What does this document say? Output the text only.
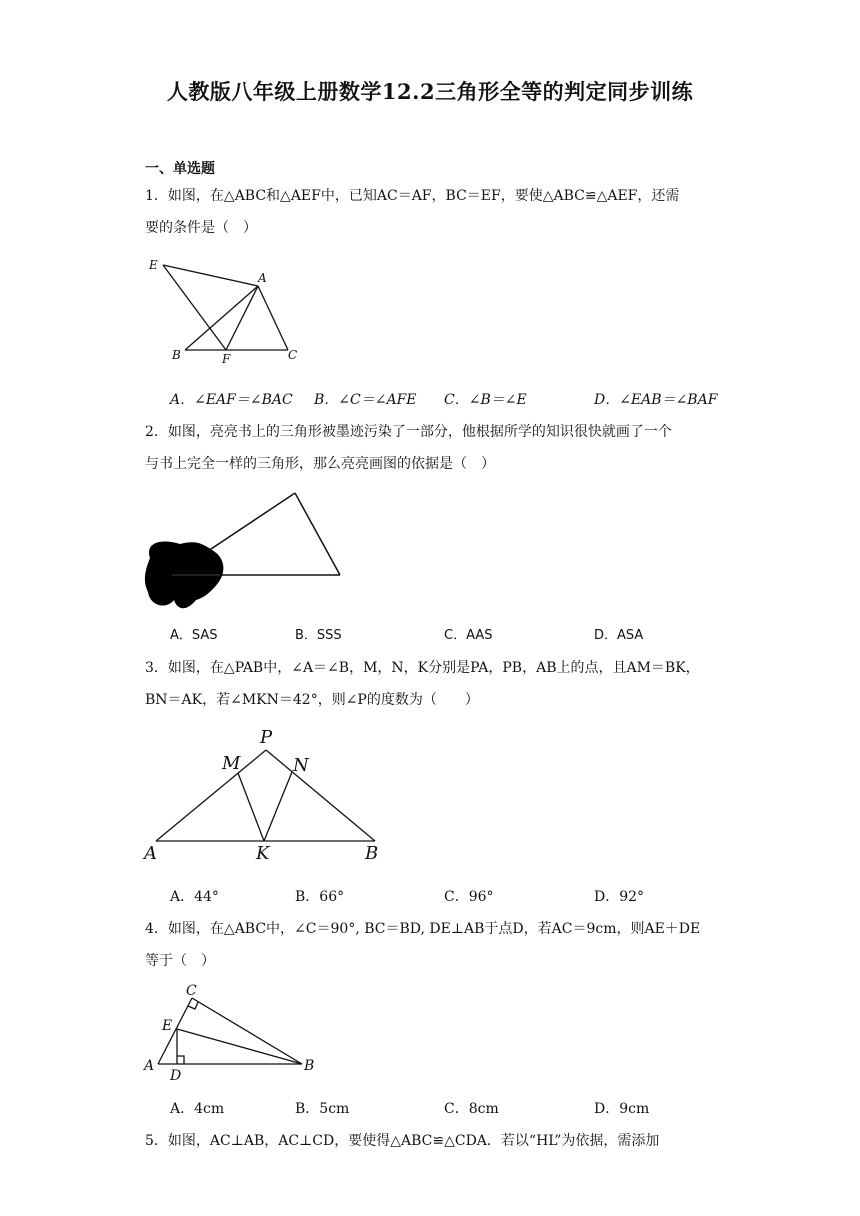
人教版八年级上册数学12.2三角形全等的判定同步训练
一、单选题
1．如图，在△ABC和△AEF中，已知AC＝AF，BC＝EF，要使△ABC≌△AEF，还需
要的条件是（　）
E
A
B	F	C
A．∠EAF＝∠BAC B．∠C＝∠AFE C．∠B＝∠E	D．∠EAB＝∠BAF
2．如图，亮亮书上的三角形被墨迹污染了一部分，他根据所学的知识很快就画了一个
与书上完全一样的三角形，那么亮亮画图的依据是（　）
A．SAS	B．SSS	C．AAS	D．ASA
3．如图，在△PAB中，∠A＝∠B，M，N，K分别是PA，PB，AB上的点，且AM＝BK，
BN＝AK，若∠MKN＝42°，则∠P的度数为（　　）
P
M	N
A	K	B
A．44°	B．66°	C．96°	D．92°
4．如图，在△ABC中，∠C＝90°, BC＝BD, DE⊥AB于点D，若AC＝9cm，则AE＋DE
等于（　）
C
E
A
D
B
A．4cm	B．5cm	C．8cm	D．9cm
5．如图，AC⊥AB，AC⊥CD，要使得△ABC≌△CDA．若以“HL”为依据，需添加
